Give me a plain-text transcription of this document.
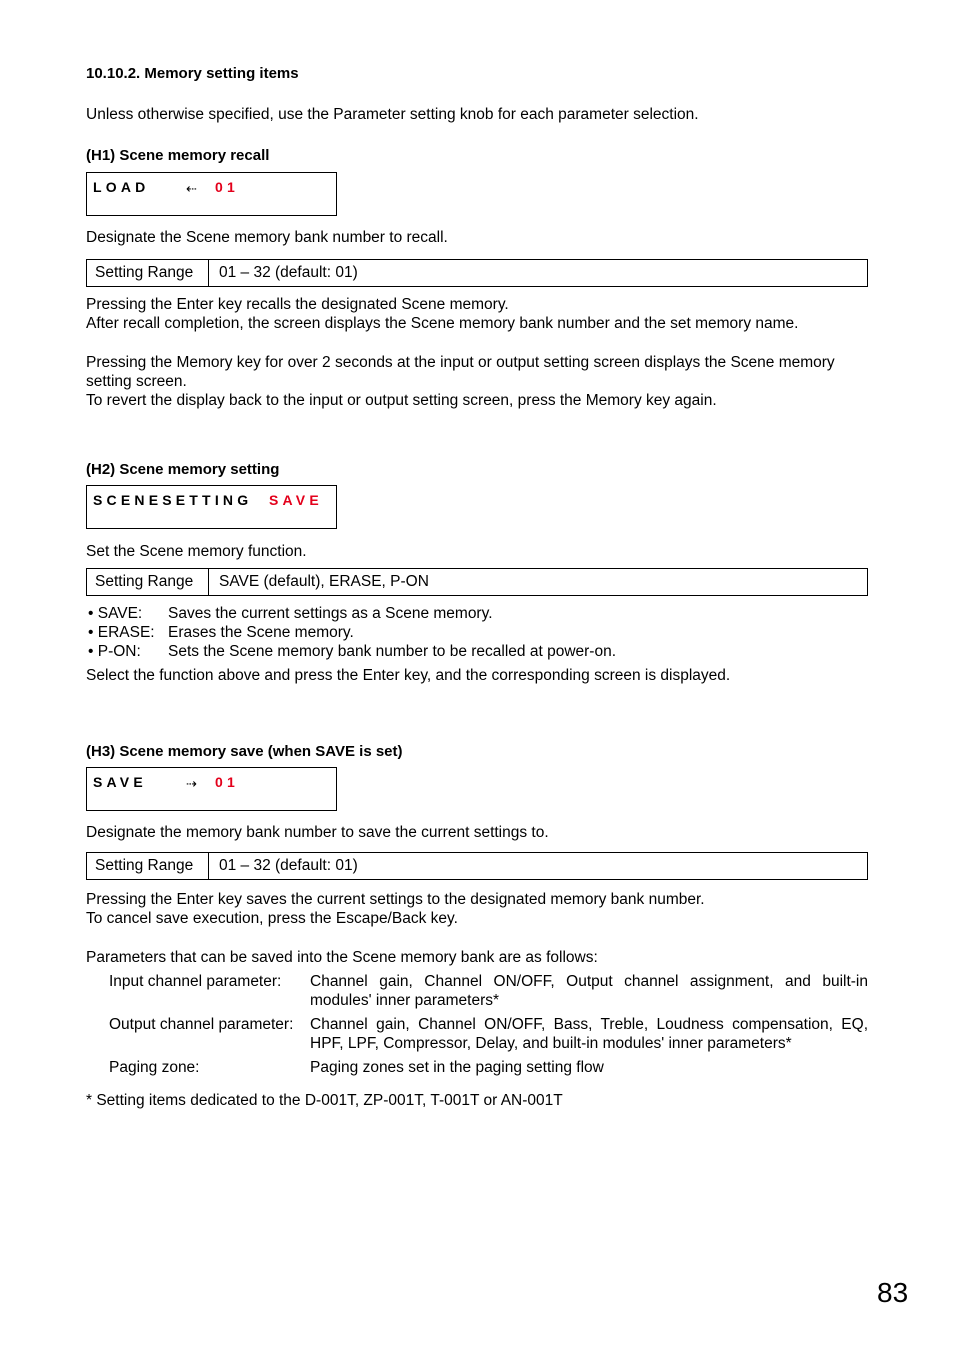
10.10.2. Memory setting items
Unless otherwise specified, use the Parameter setting knob for each parameter selection.
(H1) Scene memory recall
LOAD	⇠ 01
Designate the Scene memory bank number to recall.
Setting Range	01 – 32 (default: 01)
Pressing the Enter key recalls the designated Scene memory.
After recall completion, the screen displays the Scene memory bank number and the set memory name.
Pressing the Memory key for over 2 seconds at the input or output setting screen displays the Scene memory
setting screen.
To revert the display back to the input or output setting screen, press the Memory key again.
(H2) Scene memory setting
SCENESETTING SAVE
Set the Scene memory function.
Setting Range	SAVE (default), ERASE, P-ON
• SAVE: Saves the current settings as a Scene memory.
• ERASE: Erases the Scene memory.
• P-ON: Sets the Scene memory bank number to be recalled at power-on.
Select the function above and press the Enter key, and the corresponding screen is displayed.
(H3) Scene memory save (when SAVE is set)
SAVE	⇢ 01
Designate the memory bank number to save the current settings to.
Setting Range	01 – 32 (default: 01)
Pressing the Enter key saves the current settings to the designated memory bank number.
To cancel save execution, press the Escape/Back key.
Parameters that can be saved into the Scene memory bank are as follows:
Input channel parameter: Channel gain, Channel ON/OFF, Output channel assignment, and built-in modules' inner parameters*
Output channel parameter: Channel gain, Channel ON/OFF, Bass, Treble, Loudness compensation, EQ, HPF, LPF, Compressor, Delay, and built-in modules' inner parameters*
Paging zone:	Paging zones set in the paging setting flow
* Setting items dedicated to the D-001T, ZP-001T, T-001T or AN-001T
83
